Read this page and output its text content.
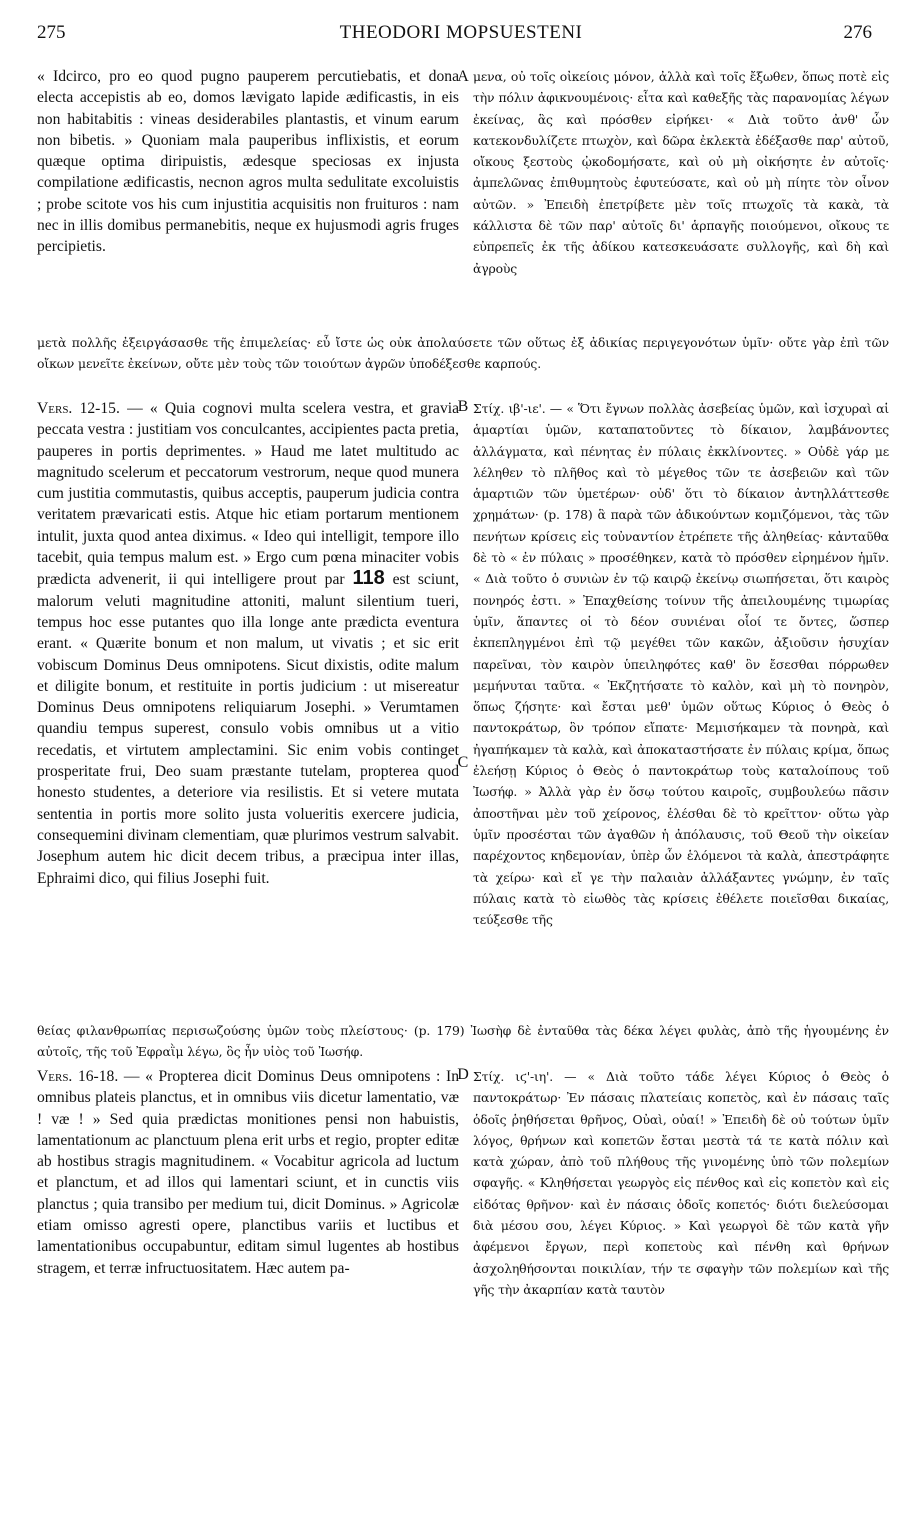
275	THEODORI MOPSUESTENI	276

« Idcirco, pro eo quod pugno pauperem percutiebatis, et dona electa accepistis ab eo, domos lævigato lapide ædificastis, in eis non habitabitis : vineas desiderabiles plantastis, et vinum earum non bibetis. » Quoniam mala pauperibus inflixistis, et eorum quæque optima diripuistis, ædesque speciosas ex injusta compilatione ædificastis, necnon agros multa sedulitate excoluistis ; probe scitote vos his cum injustitia acquisitis non fruituros : nam nec in illis domibus permanebitis, neque ex hujusmodi agris fruges percipietis.

A μενα, οὐ τοῖς οἰκείοις μόνον, ἀλλὰ καὶ τοῖς ἔξωθεν, ὅπως ποτὲ εἰς τὴν πόλιν ἀφικνουμένοις· εἶτα καὶ καθεξῆς τὰς παρανομίας λέγων ἐκείνας, ἃς καὶ πρόσθεν εἰρήκει· « Διὰ τοῦτο ἀνθ' ὧν κατεκονδυλίζετε πτωχὸν, καὶ δῶρα ἐκλεκτὰ ἐδέξασθε παρ' αὐτοῦ, οἴκους ξεστοὺς ᾠκοδομήσατε, καὶ οὐ μὴ οἰκήσητε ἐν αὐτοῖς· ἀμπελῶνας ἐπιθυμητοὺς ἐφυτεύσατε, καὶ οὐ μὴ πίητε τὸν οἶνον αὐτῶν. » Ἐπειδὴ ἐπετρίβετε μὲν τοῖς πτωχοῖς τὰ κακὰ, τὰ κάλλιστα δὲ τῶν παρ' αὐτοῖς δι' ἁρπαγῆς ποιούμενοι, οἴκους τε εὐπρεπεῖς ἐκ τῆς ἀδίκου κατεσκευάσατε συλλογῆς, καὶ δὴ καὶ ἀγροὺς

μετὰ πολλῆς ἐξειργάσασθε τῆς ἐπιμελείας· εὖ ἴστε ὡς οὐκ ἀπολαύσετε τῶν οὕτως ἐξ ἀδικίας περιγεγονότων ὑμῖν· οὔτε γὰρ ἐπὶ τῶν οἴκων μενεῖτε ἐκείνων, οὔτε μὲν τοὺς τῶν τοιούτων ἀγρῶν ὑποδέξεσθε καρπούς.

Vers. 12-15. — « Quia cognovi multa scelera vestra, et gravia peccata vestra : justitiam vos conculcantes, accipientes pacta pretia, pauperes in portis deprimentes. » Haud me latet multitudo ac magnitudo scelerum et peccatorum vestrorum, neque quod munera cum justitia commutastis, quibus acceptis, pauperum judicia contra veritatem prævaricati estis. Atque hic etiam portarum mentionem intulit, juxta quod antea diximus. « Ideo qui intelligit, tempore illo tacebit, quia tempus malum est. » Ergo cum pœna minaciter vobis prædicta advenerit, ii qui intelligere prout par 118 est sciunt, malorum veluti magnitudine attoniti, malunt silentium tueri, tempus hoc esse putantes quo illa longe ante prædicta eventura erant. « Quærite bonum et non malum, ut vivatis ; et sic erit vobiscum Dominus Deus omnipotens. Sicut dixistis, odite malum et diligite bonum, et restituite in portis judicium : ut misereatur Dominus Deus omnipotens reliquiarum Josephi. » Verumtamen quandiu tempus superest, consulo vobis omnibus ut a vitio recedatis, et virtutem amplectamini. Sic enim vobis continget prosperitate frui, Deo suam præstante tutelam, propterea quod honesto studentes, a deteriore via resilistis. Et si vetere mutata sententia in portis more solito justa volueritis exercere judicia, consequemini divinam clementiam, quæ plurimos vestrum salvabit. Josephum autem hic dicit decem tribus, a præcipua inter illas, Ephraimi dico, qui filius Josephi fuit.

B
C

Στίχ. ιβ'-ιε'. — « Ὅτι ἔγνων πολλὰς ἀσεβείας ὑμῶν, καὶ ἰσχυραὶ αἱ ἁμαρτίαι ὑμῶν, καταπατοῦντες τὸ δίκαιον, λαμβάνοντες ἀλλάγματα, καὶ πένητας ἐν πύλαις ἐκκλίνοντες. » Οὐδὲ γάρ με λέληθεν τὸ πλῆθος καὶ τὸ μέγεθος τῶν τε ἀσεβειῶν καὶ τῶν ἁμαρτιῶν τῶν ὑμετέρων· οὐδ' ὅτι τὸ δίκαιον ἀντηλλάττεσθε χρημάτων· (p. 178) ἃ παρὰ τῶν ἀδικούντων κομιζόμενοι, τὰς τῶν πενήτων κρίσεις εἰς τοὐναντίον ἐτρέπετε τῆς ἀληθείας· κἀνταῦθα δὲ τὸ « ἐν πύλαις » προσέθηκεν, κατὰ τὸ πρόσθεν εἰρημένον ἡμῖν. « Διὰ τοῦτο ὁ συνιὼν ἐν τῷ καιρῷ ἐκείνῳ σιωπήσεται, ὅτι καιρὸς πονηρός ἐστι. » Ἐπαχθείσης τοίνυν τῆς ἀπειλουμένης τιμωρίας ὑμῖν, ἅπαντες οἱ τὸ δέον συνιέναι οἷοί τε ὄντες, ὥσπερ ἐκπεπληγμένοι ἐπὶ τῷ μεγέθει τῶν κακῶν, ἀξιοῦσιν ἡσυχίαν παρεῖναι, τὸν καιρὸν ὑπειληφότες καθ' ὃν ἔσεσθαι πόρρωθεν μεμήνυται ταῦτα. « Ἐκζητήσατε τὸ καλὸν, καὶ μὴ τὸ πονηρὸν, ὅπως ζήσητε· καὶ ἔσται μεθ' ὑμῶν οὕτως Κύριος ὁ Θεὸς ὁ παντοκράτωρ, ὃν τρόπον εἴπατε· Μεμισήκαμεν τὰ πονηρὰ, καὶ ἠγαπήκαμεν τὰ καλὰ, καὶ ἀποκαταστήσατε ἐν πύλαις κρίμα, ὅπως ἐλεήσῃ Κύριος ὁ Θεὸς ὁ παντοκράτωρ τοὺς καταλοίπους τοῦ Ἰωσήφ. » Ἀλλὰ γὰρ ἐν ὅσῳ τούτου καιροῖς, συμβουλεύω πᾶσιν ἀποστῆναι μὲν τοῦ χείρονος, ἑλέσθαι δὲ τὸ κρεῖττον· οὕτω γὰρ ὑμῖν προσέσται τῶν ἀγαθῶν ἡ ἀπόλαυσις, τοῦ Θεοῦ τὴν οἰκείαν παρέχοντος κηδεμονίαν, ὑπὲρ ὧν ἑλόμενοι τὰ καλὰ, ἀπεστράφητε τὰ χείρω· καὶ εἴ γε τὴν παλαιὰν ἀλλάξαντες γνώμην, ἐν ταῖς πύλαις κατὰ τὸ εἰωθὸς τὰς κρίσεις ἐθέλετε ποιεῖσθαι δικαίας, τεύξεσθε τῆς

θείας φιλανθρωπίας περισωζούσης ὑμῶν τοὺς πλείστους· (p. 179) Ἰωσὴφ δὲ ἐνταῦθα τὰς δέκα λέγει φυλὰς, ἀπὸ τῆς ἡγουμένης ἐν αὐτοῖς, τῆς τοῦ Ἐφραῒμ λέγω, ὃς ἦν υἱὸς τοῦ Ἰωσήφ.

Vers. 16-18. — « Propterea dicit Dominus Deus omnipotens : In omnibus plateis planctus, et in omnibus viis dicetur lamentatio, væ ! væ ! » Sed quia prædictas monitiones pensi non habuistis, lamentationum ac planctuum plena erit urbs et regio, propter editæ ab hostibus stragis magnitudinem. « Vocabitur agricola ad luctum et planctum, et ad illos qui lamentari sciunt, et in cunctis viis planctus ; quia transibo per medium tui, dicit Dominus. » Agricolæ etiam omisso agresti opere, planctibus variis et luctibus et lamentationibus occupabuntur, editam simul lugentes ab hostibus stragem, et terræ infructuositatem. Hæc autem pa-

D Στίχ. ιϛ'-ιη'. — « Διὰ τοῦτο τάδε λέγει Κύριος ὁ Θεὸς ὁ παντοκράτωρ· Ἐν πάσαις πλατείαις κοπετὸς, καὶ ἐν πάσαις ταῖς ὁδοῖς ῥηθήσεται θρῆνος, Οὐαὶ, οὐαί! » Ἐπειδὴ δὲ οὐ τούτων ὑμῖν λόγος, θρήνων καὶ κοπετῶν ἔσται μεστὰ τά τε κατὰ πόλιν καὶ κατὰ χώραν, ἀπὸ τοῦ πλήθους τῆς γινομένης ὑπὸ τῶν πολεμίων σφαγῆς. « Κληθήσεται γεωργὸς εἰς πένθος καὶ εἰς κοπετὸν καὶ εἰς εἰδότας θρῆνον· καὶ ἐν πάσαις ὁδοῖς κοπετός· διότι διελεύσομαι διὰ μέσου σου, λέγει Κύριος. » Καὶ γεωργοὶ δὲ τῶν κατὰ γῆν ἀφέμενοι ἔργων, περὶ κοπετοὺς καὶ πένθη καὶ θρήνων ἀσχοληθήσονται ποικιλίαν, τήν τε σφαγὴν τῶν πολεμίων καὶ τῆς γῆς τὴν ἀκαρπίαν κατὰ ταυτὸν
